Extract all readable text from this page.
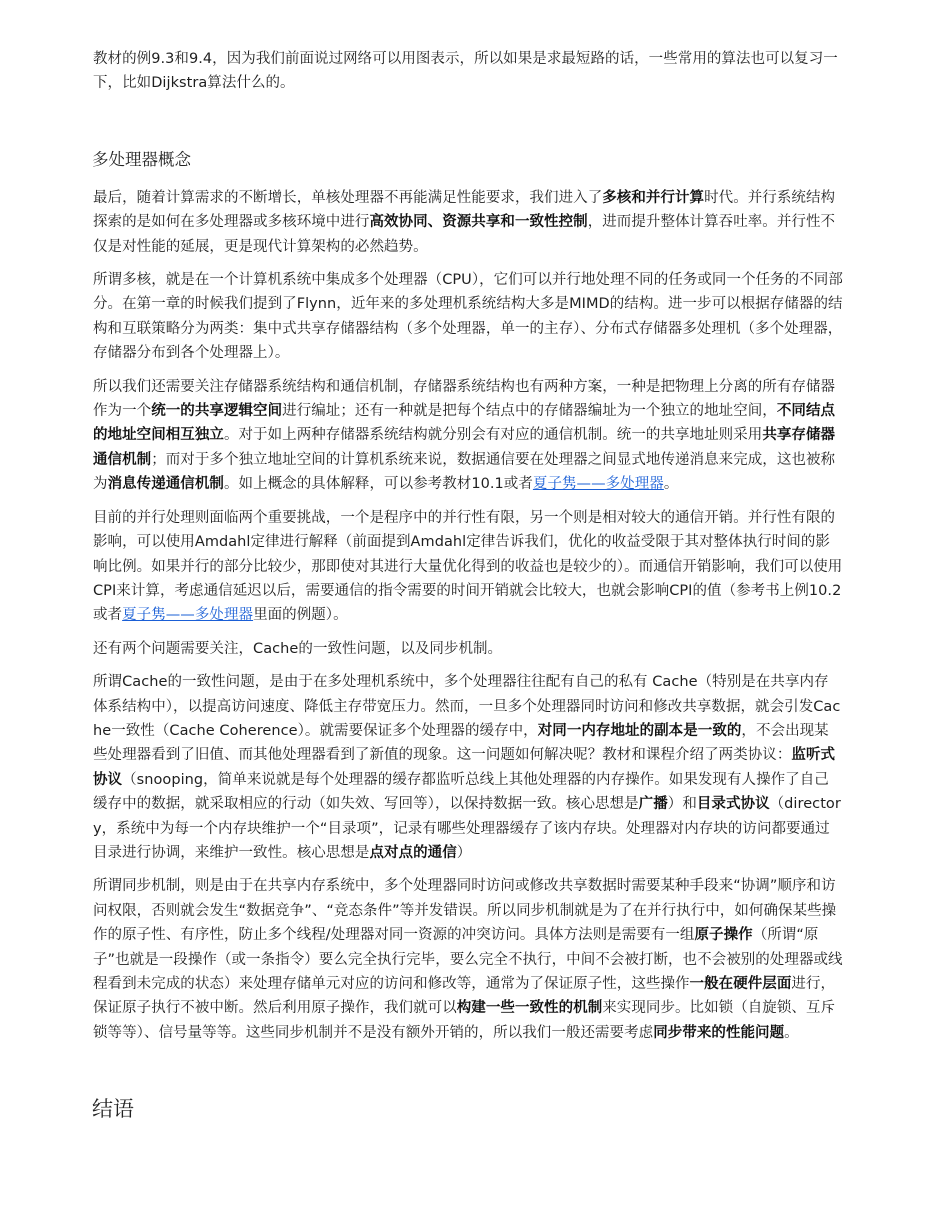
教材的例9.3和9.4，因为我们前面说过网络可以用图表示，所以如果是求最短路的话，一些常用的算法也可以复习一下，比如Dijkstra算法什么的。

多处理器概念

最后，随着计算需求的不断增长，单核处理器不再能满足性能要求，我们进入了多核和并行计算时代。并行系统结构探索的是如何在多处理器或多核环境中进行高效协同、资源共享和一致性控制，进而提升整体计算吞吐率。并行性不仅是对性能的延展，更是现代计算架构的必然趋势。

所谓多核，就是在一个计算机系统中集成多个处理器（CPU），它们可以并行地处理不同的任务或同一个任务的不同部分。在第一章的时候我们提到了Flynn，近年来的多处理机系统结构大多是MIMD的结构。进一步可以根据存储器的结构和互联策略分为两类：集中式共享存储器结构（多个处理器，单一的主存）、分布式存储器多处理机（多个处理器，存储器分布到各个处理器上）。

所以我们还需要关注存储器系统结构和通信机制，存储器系统结构也有两种方案，一种是把物理上分离的所有存储器作为一个统一的共享逻辑空间进行编址；还有一种就是把每个结点中的存储器编址为一个独立的地址空间，不同结点的地址空间相互独立。对于如上两种存储器系统结构就分别会有对应的通信机制。统一的共享地址则采用共享存储器通信机制；而对于多个独立地址空间的计算机系统来说，数据通信要在处理器之间显式地传递消息来完成，这也被称为消息传递通信机制。如上概念的具体解释，可以参考教材10.1或者夏子隽——多处理器。

目前的并行处理则面临两个重要挑战，一个是程序中的并行性有限，另一个则是相对较大的通信开销。并行性有限的影响，可以使用Amdahl定律进行解释（前面提到Amdahl定律告诉我们，优化的收益受限于其对整体执行时间的影响比例。如果并行的部分比较少，那即使对其进行大量优化得到的收益也是较少的）。而通信开销影响，我们可以使用CPI来计算，考虑通信延迟以后，需要通信的指令需要的时间开销就会比较大，也就会影响CPI的值（参考书上例10.2或者夏子隽——多处理器里面的例题）。

还有两个问题需要关注，Cache的一致性问题，以及同步机制。

所谓Cache的一致性问题，是由于在多处理机系统中，多个处理器往往配有自己的私有 Cache（特别是在共享内存体系结构中），以提高访问速度、降低主存带宽压力。然而，一旦多个处理器同时访问和修改共享数据，就会引发Cache一致性（Cache Coherence）。就需要保证多个处理器的缓存中，对同一内存地址的副本是一致的，不会出现某些处理器看到了旧值、而其他处理器看到了新值的现象。这一问题如何解决呢？教材和课程介绍了两类协议：监听式协议（snooping，简单来说就是每个处理器的缓存都监听总线上其他处理器的内存操作。如果发现有人操作了自己缓存中的数据，就采取相应的行动（如失效、写回等），以保持数据一致。核心思想是广播）和目录式协议（directory，系统中为每一个内存块维护一个“目录项”，记录有哪些处理器缓存了该内存块。处理器对内存块的访问都要通过目录进行协调，来维护一致性。核心思想是点对点的通信）

所谓同步机制，则是由于在共享内存系统中，多个处理器同时访问或修改共享数据时需要某种手段来“协调”顺序和访问权限，否则就会发生“数据竞争”、“竞态条件”等并发错误。所以同步机制就是为了在并行执行中，如何确保某些操作的原子性、有序性，防止多个线程/处理器对同一资源的冲突访问。具体方法则是需要有一组原子操作（所谓“原子”也就是一段操作（或一条指令）要么完全执行完毕，要么完全不执行，中间不会被打断，也不会被别的处理器或线程看到未完成的状态）来处理存储单元对应的访问和修改等，通常为了保证原子性，这些操作一般在硬件层面进行，保证原子执行不被中断。然后利用原子操作，我们就可以构建一些一致性的机制来实现同步。比如锁（自旋锁、互斥锁等等）、信号量等等。这些同步机制并不是没有额外开销的，所以我们一般还需要考虑同步带来的性能问题。

结语
